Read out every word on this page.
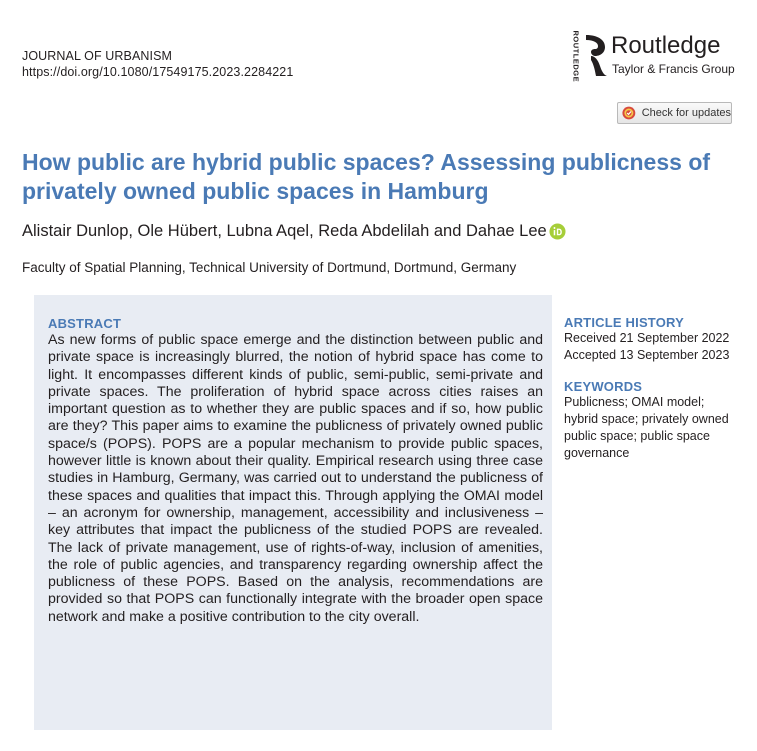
JOURNAL OF URBANISM
https://doi.org/10.1080/17549175.2023.2284221	ROUTLEDGE Routledge
Taylor & Francis Group
Check for updates
How public are hybrid public spaces? Assessing publicness of privately owned public spaces in Hamburg
Alistair Dunlop, Ole Hübert, Lubna Aqel, Reda Abdelilah and Dahae Lee
Faculty of Spatial Planning, Technical University of Dortmund, Dortmund, Germany
ABSTRACT
As new forms of public space emerge and the distinction between public and private space is increasingly blurred, the notion of hybrid space has come to light. It encompasses different kinds of public, semi-public, semi-private and private spaces. The proliferation of hybrid space across cities raises an important question as to whether they are public spaces and if so, how public are they? This paper aims to examine the publicness of privately owned public space/s (POPS). POPS are a popular mechanism to provide public spaces, however little is known about their quality. Empirical research using three case studies in Hamburg, Germany, was carried out to understand the publicness of these spaces and qualities that impact this. Through applying the OMAI model – an acronym for ownership, management, accessibility and inclusiveness – key attributes that impact the publicness of the studied POPS are revealed. The lack of private management, use of rights-of-way, inclusion of amenities, the role of public agencies, and transparency regarding ownership affect the publicness of these POPS. Based on the analysis, recommendations are provided so that POPS can functionally integrate with the broader open space network and make a positive contribution to the city overall.
ARTICLE HISTORY
Received 21 September 2022
Accepted 13 September 2023
KEYWORDS
Publicness; OMAI model; hybrid space; privately owned public space; public space governance
